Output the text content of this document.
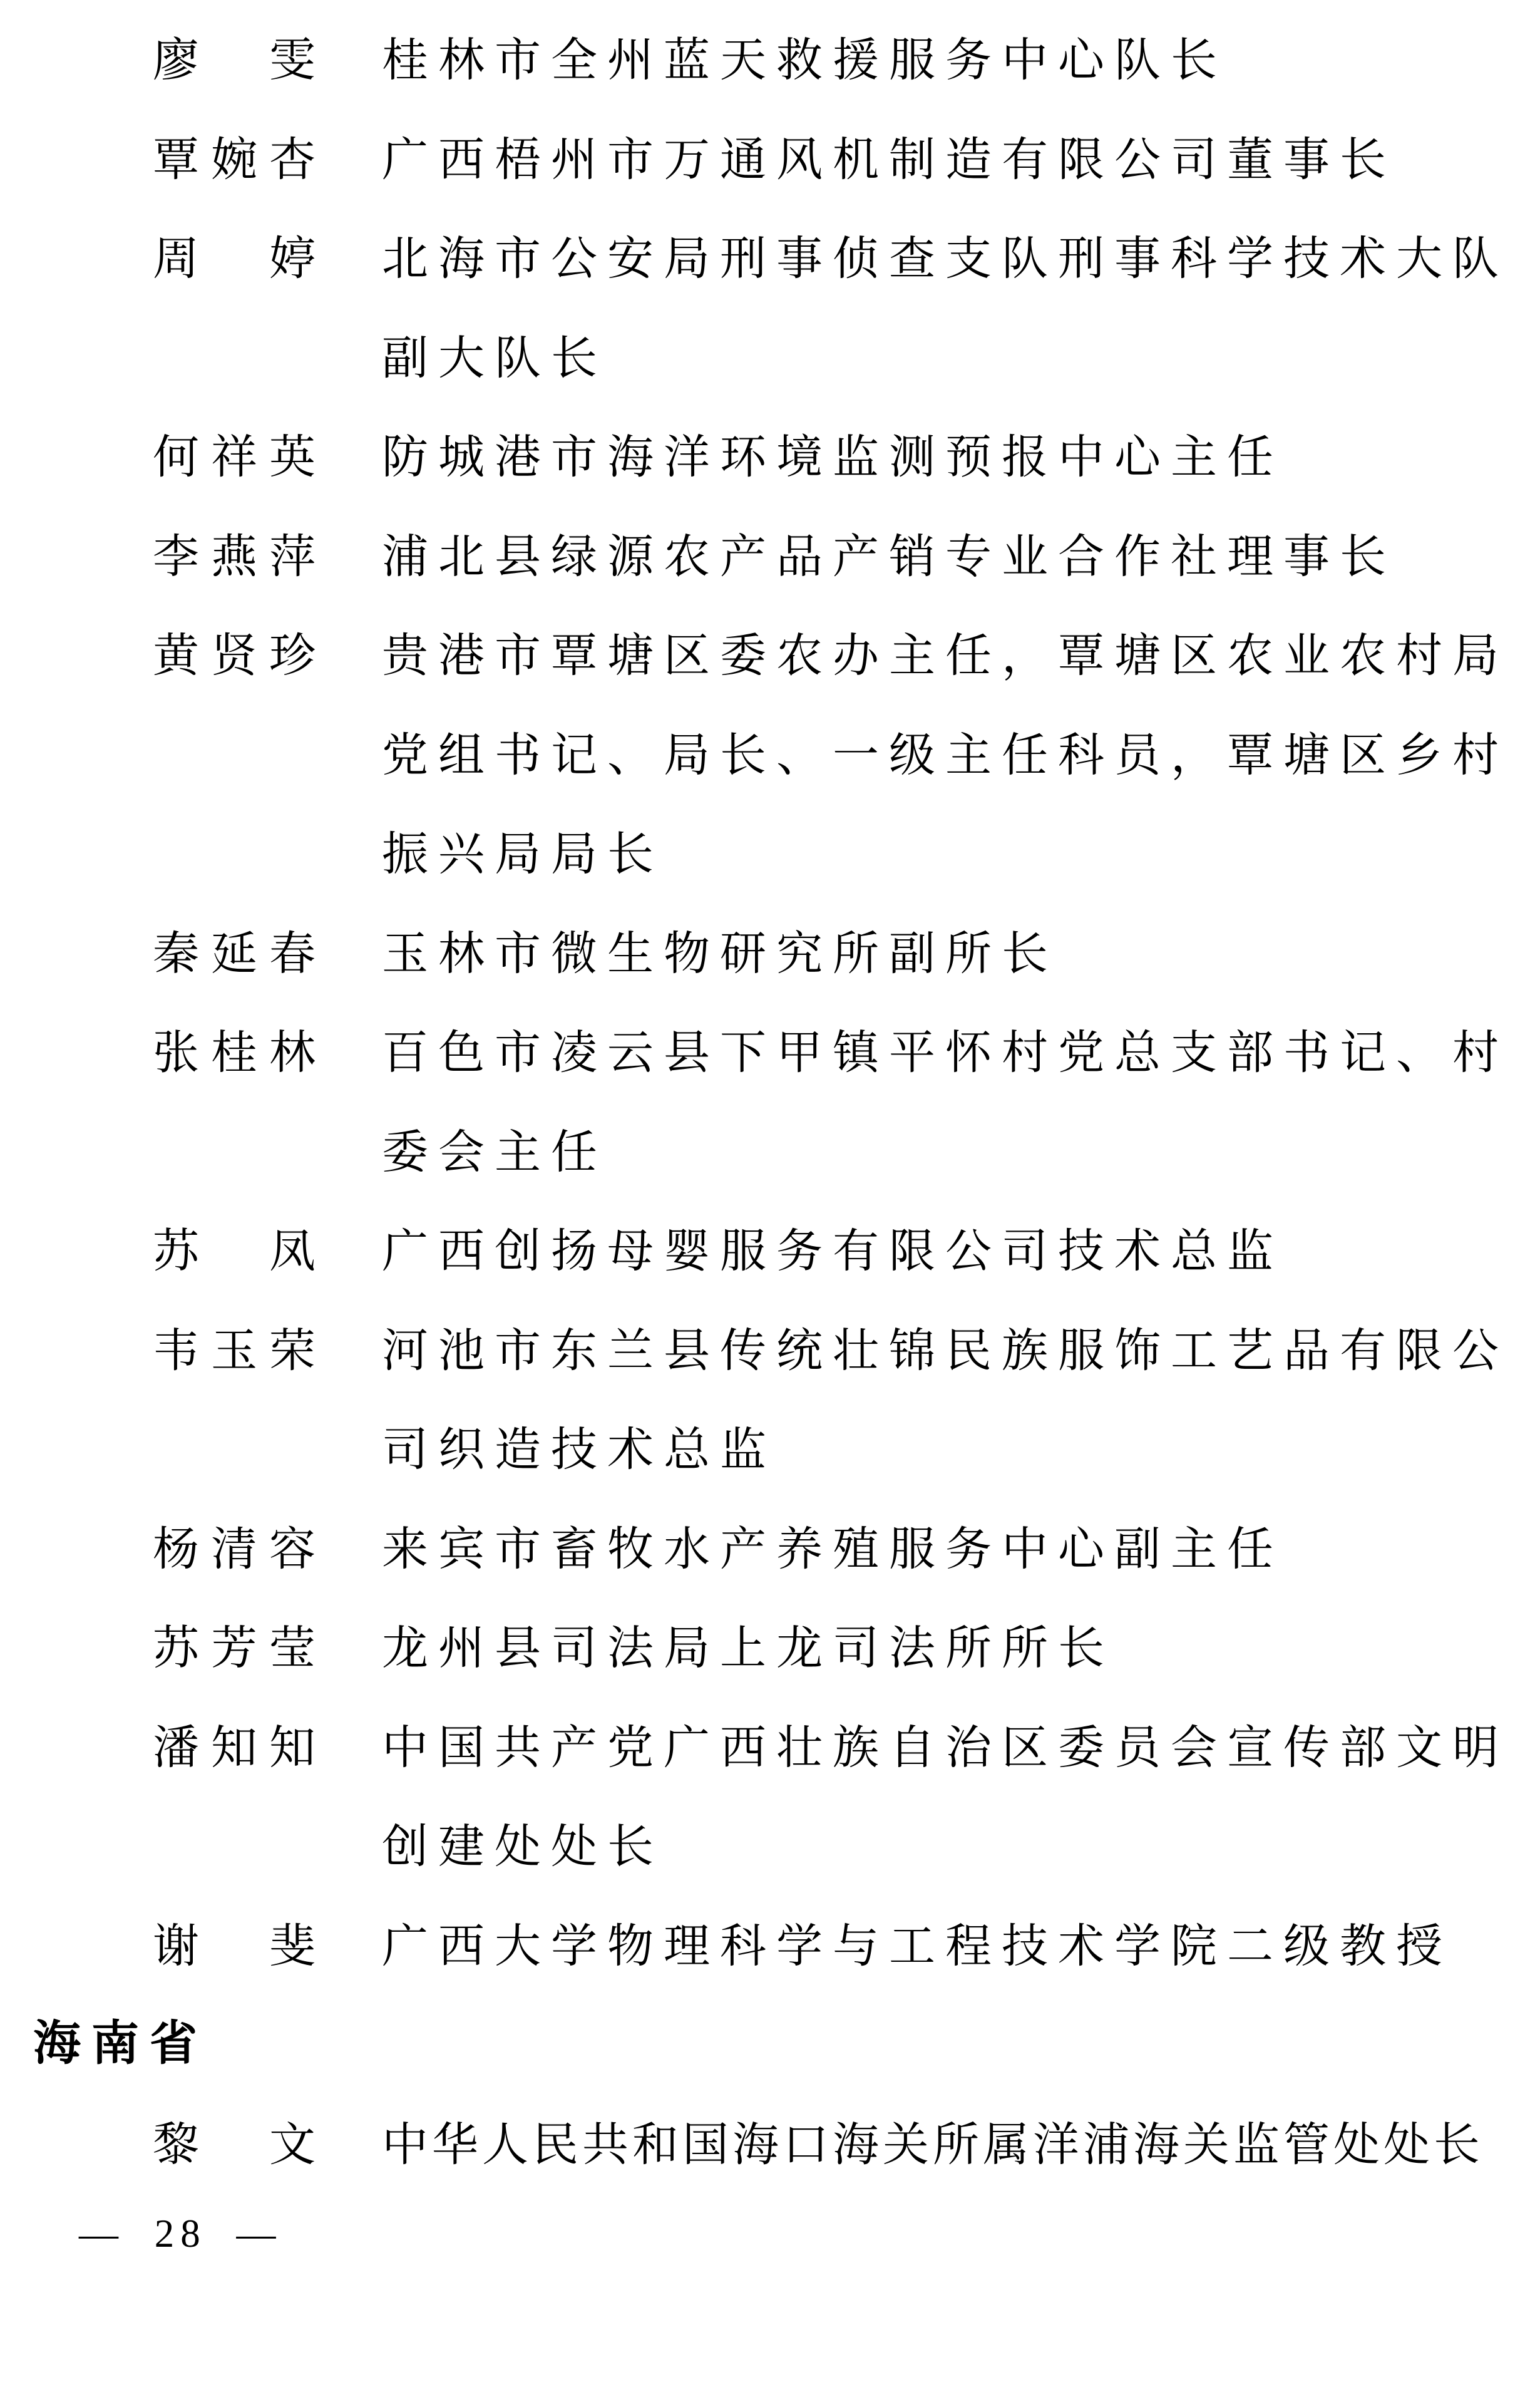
廖　雯

桂林市全州蓝天救援服务中心队长

覃婉杏

广西梧州市万通风机制造有限公司董事长

周　婷

北海市公安局刑事侦查支队刑事科学技术大队

副大队长

何祥英

防城港市海洋环境监测预报中心主任

李燕萍

浦北县绿源农产品产销专业合作社理事长

黄贤珍

贵港市覃塘区委农办主任，覃塘区农业农村局

党组书记、局长、一级主任科员，覃塘区乡村

振兴局局长

秦延春

玉林市微生物研究所副所长

张桂林

百色市凌云县下甲镇平怀村党总支部书记、村

委会主任

苏　凤

广西创扬母婴服务有限公司技术总监

韦玉荣

河池市东兰县传统壮锦民族服饰工艺品有限公

司织造技术总监

杨清容

来宾市畜牧水产养殖服务中心副主任

苏芳莹

龙州县司法局上龙司法所所长

潘知知

中国共产党广西壮族自治区委员会宣传部文明

创建处处长

谢　斐

广西大学物理科学与工程技术学院二级教授

海南省

黎　文

中华人民共和国海口海关所属洋浦海关监管处处长

— 28 —
